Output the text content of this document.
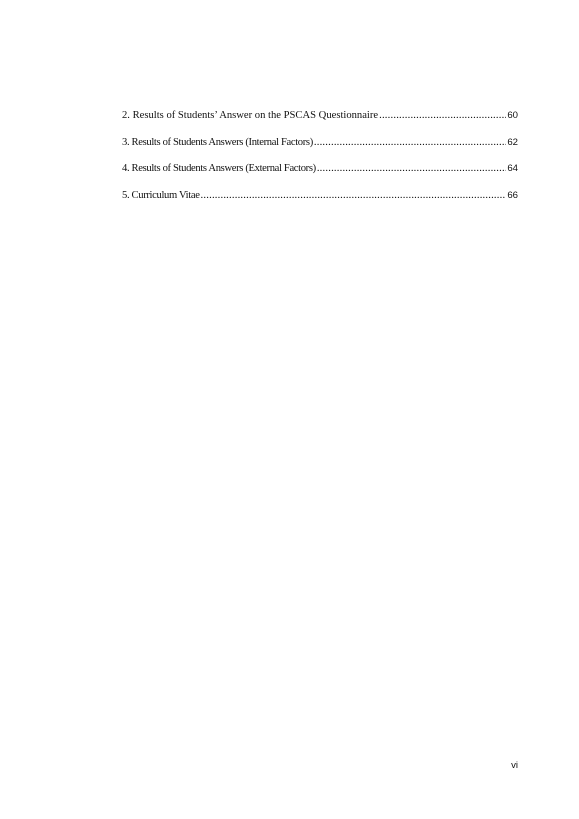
2. Results of Students’ Answer on the PSCAS Questionnaire .....	60
3. Results of Students Answers (Internal Factors) .....	62
4. Results of Students Answers (External Factors) .....	64
5. Curriculum Vitae .....	66
vi
